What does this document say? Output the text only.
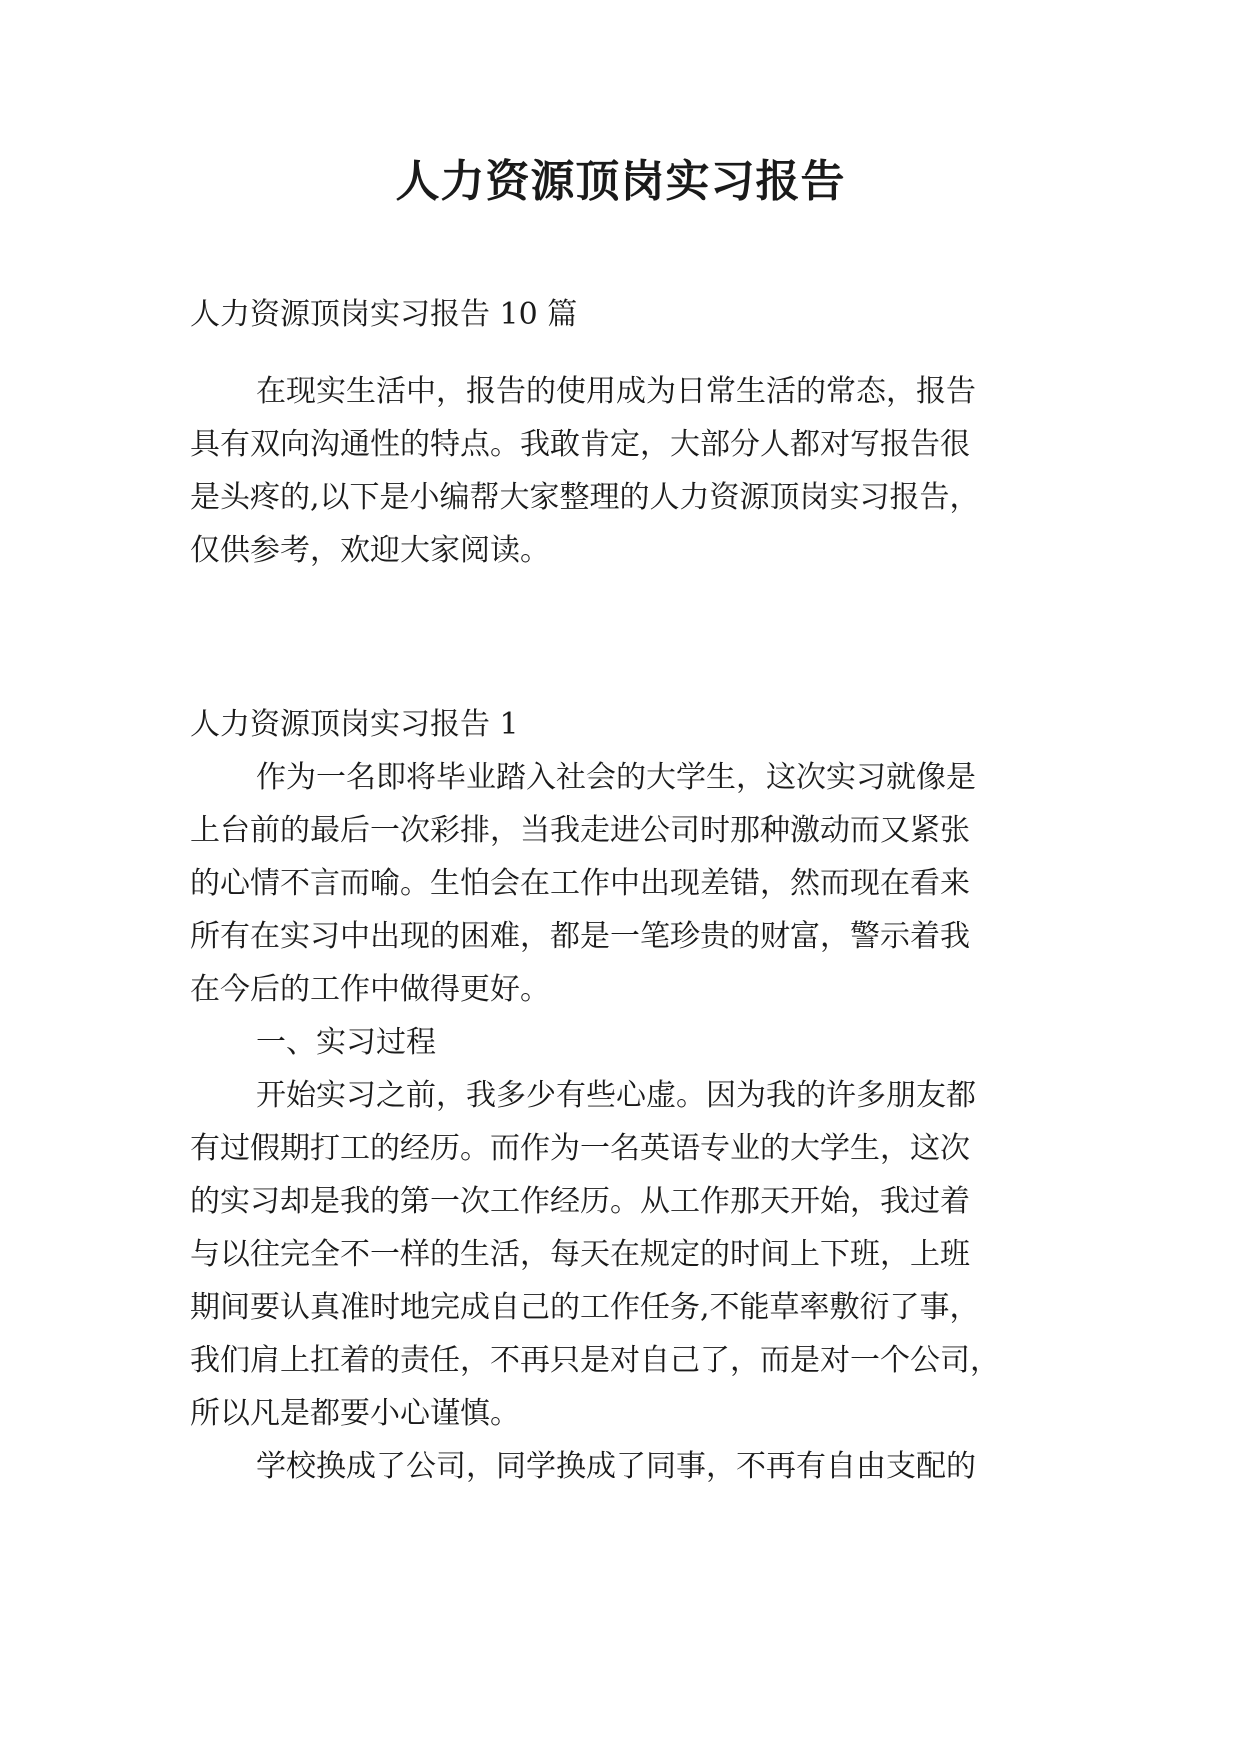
人力资源顶岗实习报告

人力资源顶岗实习报告 10 篇

在现实生活中，报告的使用成为日常生活的常态，报告

具有双向沟通性的特点。我敢肯定，大部分人都对写报告很

是头疼的,以下是小编帮大家整理的人力资源顶岗实习报告，

仅供参考，欢迎大家阅读。

人力资源顶岗实习报告 1

作为一名即将毕业踏入社会的大学生，这次实习就像是

上台前的最后一次彩排，当我走进公司时那种激动而又紧张

的心情不言而喻。生怕会在工作中出现差错，然而现在看来

所有在实习中出现的困难，都是一笔珍贵的财富，警示着我

在今后的工作中做得更好。

一、实习过程

开始实习之前，我多少有些心虚。因为我的许多朋友都

有过假期打工的经历。而作为一名英语专业的大学生，这次

的实习却是我的第一次工作经历。从工作那天开始，我过着

与以往完全不一样的生活，每天在规定的时间上下班，上班

期间要认真准时地完成自己的工作任务,不能草率敷衍了事，

我们肩上扛着的责任，不再只是对自己了，而是对一个公司，

所以凡是都要小心谨慎。

学校换成了公司，同学换成了同事，不再有自由支配的
